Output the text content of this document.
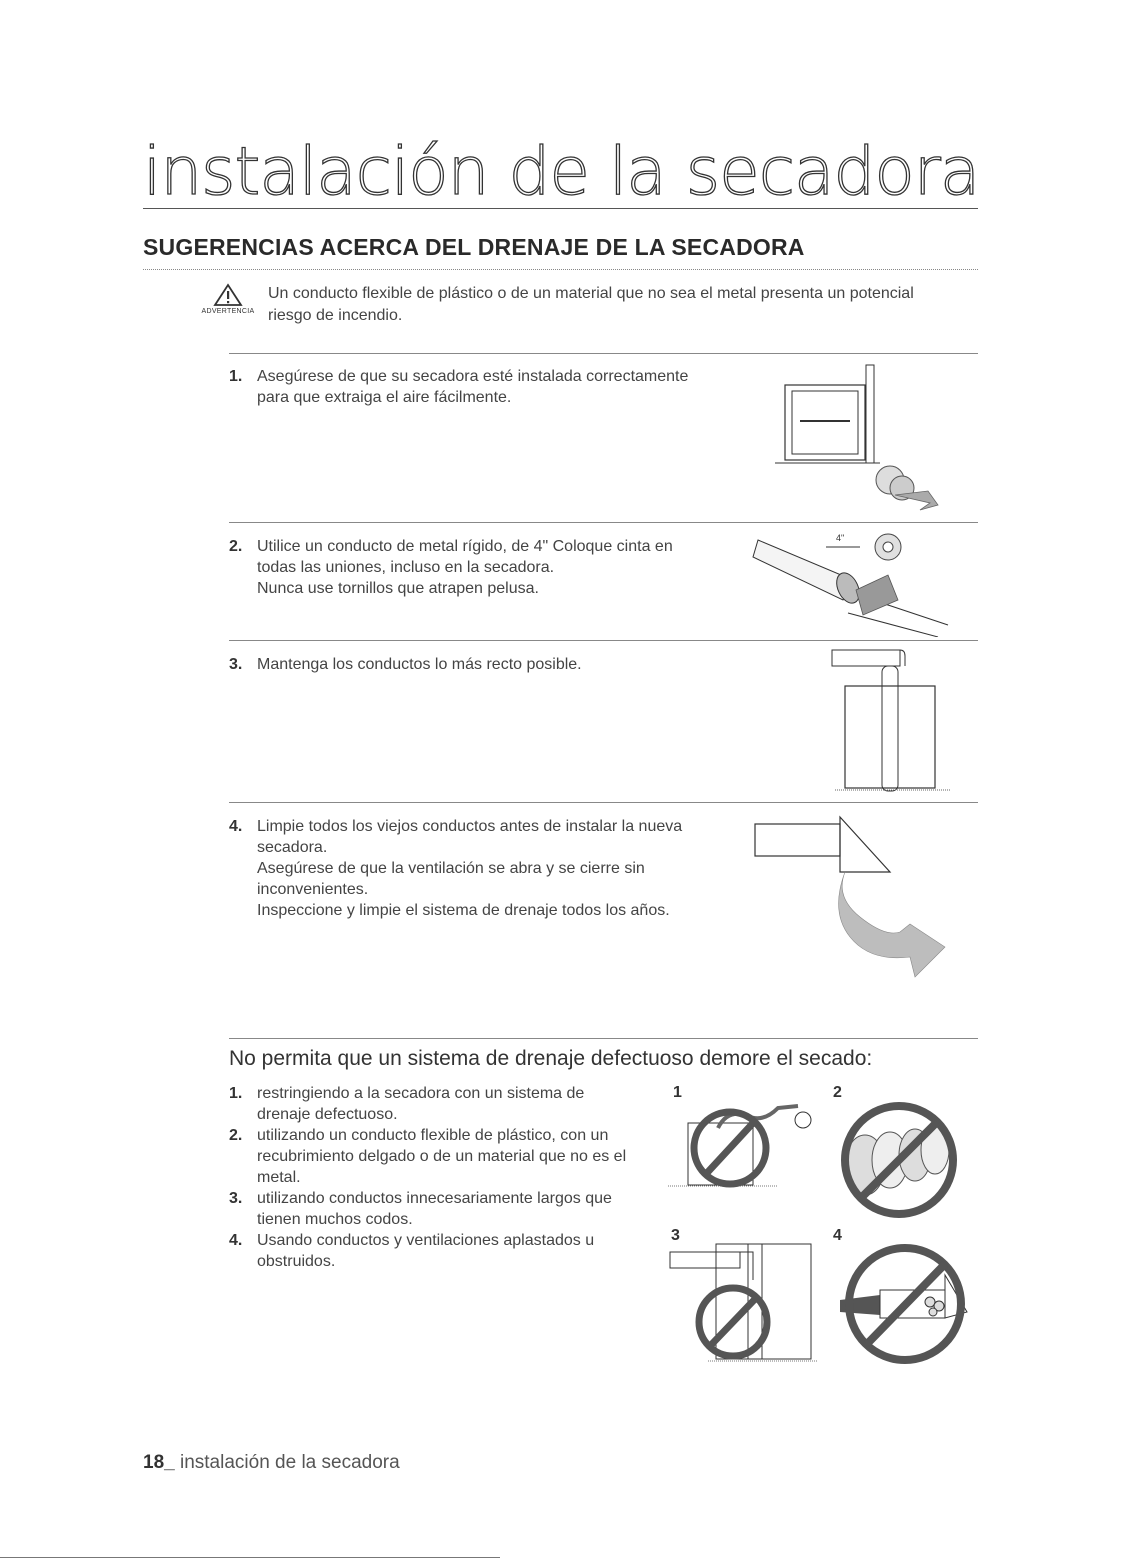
instalación de la secadora
SUGERENCIAS ACERCA DEL DRENAJE DE LA SECADORA
ADVERTENCIA
Un conducto flexible de plástico o de un material que no sea el metal presenta un potencial
riesgo de incendio.
1. Asegúrese de que su secadora esté instalada correctamente
para que extraiga el aire fácilmente.
2. Utilice un conducto de metal rígido, de 4" Coloque cinta en
todas las uniones, incluso en la secadora.
Nunca use tornillos que atrapen pelusa.
4"
3. Mantenga los conductos lo más recto posible.
4. Limpie todos los viejos conductos antes de instalar la nueva
secadora.
Asegúrese de que la ventilación se abra y se cierre sin
inconvenientes.
Inspeccione y limpie el sistema de drenaje todos los años.
No permita que un sistema de drenaje defectuoso demore el secado:
1. restringiendo a la secadora con un sistema de
drenaje defectuoso.
2. utilizando un conducto flexible de plástico, con un
recubrimiento delgado o de un material que no es el
metal.
3. utilizando conductos innecesariamente largos que
tienen muchos codos.
4. Usando conductos y ventilaciones aplastados u
obstruidos.
1	2
3	4
18_ instalación de la secadora
